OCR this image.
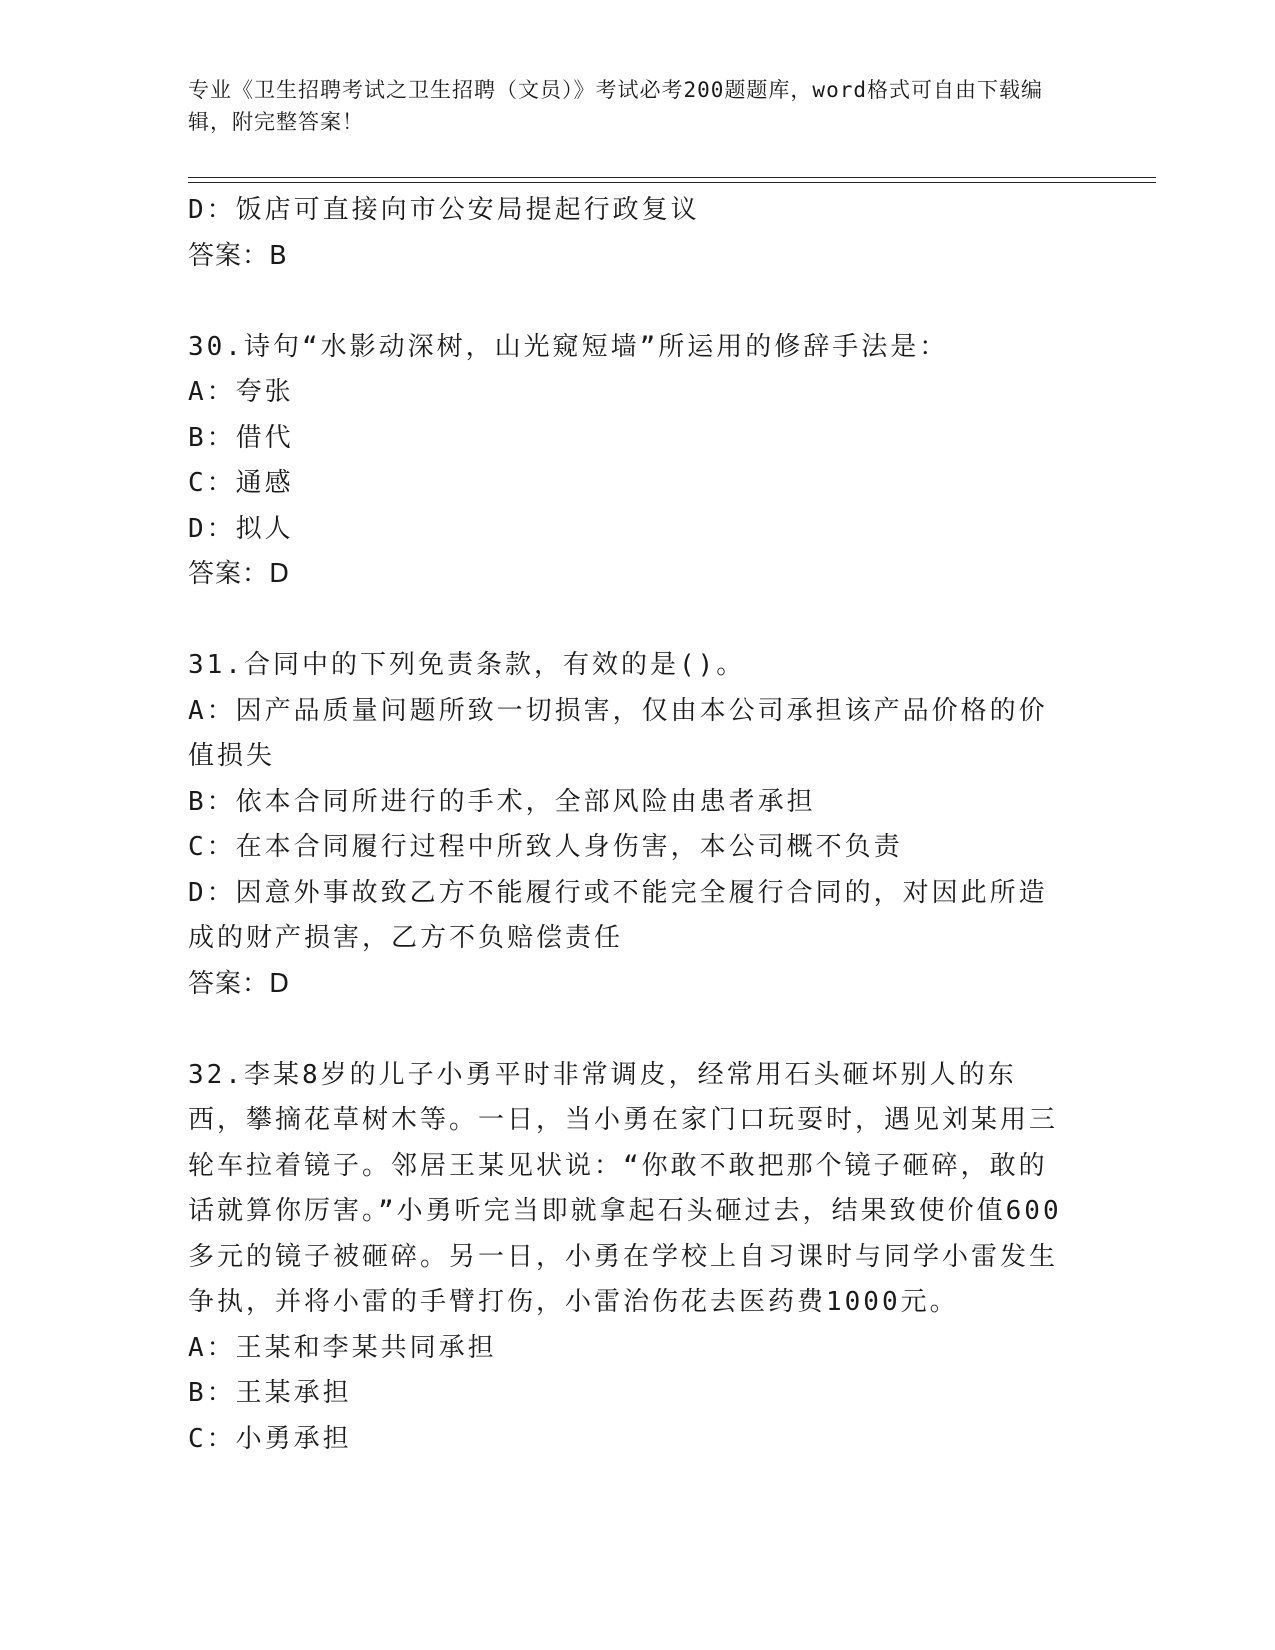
专业《卫生招聘考试之卫生招聘（文员）》考试必考200题题库，word格式可自由下载编辑，附完整答案！
D：饭店可直接向市公安局提起行政复议
答案：B
30.诗句“水影动深树，山光窥短墙”所运用的修辞手法是：
A：夸张
B：借代
C：通感
D：拟人
答案：D
31.合同中的下列免责条款，有效的是()。
A：因产品质量问题所致一切损害，仅由本公司承担该产品价格的价值损失
B：依本合同所进行的手术，全部风险由患者承担
C：在本合同履行过程中所致人身伤害，本公司概不负责
D：因意外事故致乙方不能履行或不能完全履行合同的，对因此所造成的财产损害，乙方不负赔偿责任
答案：D
32.李某8岁的儿子小勇平时非常调皮，经常用石头砸坏别人的东西，攀摘花草树木等。一日，当小勇在家门口玩耍时，遇见刘某用三轮车拉着镜子。邻居王某见状说：“你敢不敢把那个镜子砸碎，敢的话就算你厉害。”小勇听完当即就拿起石头砸过去，结果致使价值600多元的镜子被砸碎。另一日，小勇在学校上自习课时与同学小雷发生争执，并将小雷的手臂打伤，小雷治伤花去医药费1000元。
A：王某和李某共同承担
B：王某承担
C：小勇承担
